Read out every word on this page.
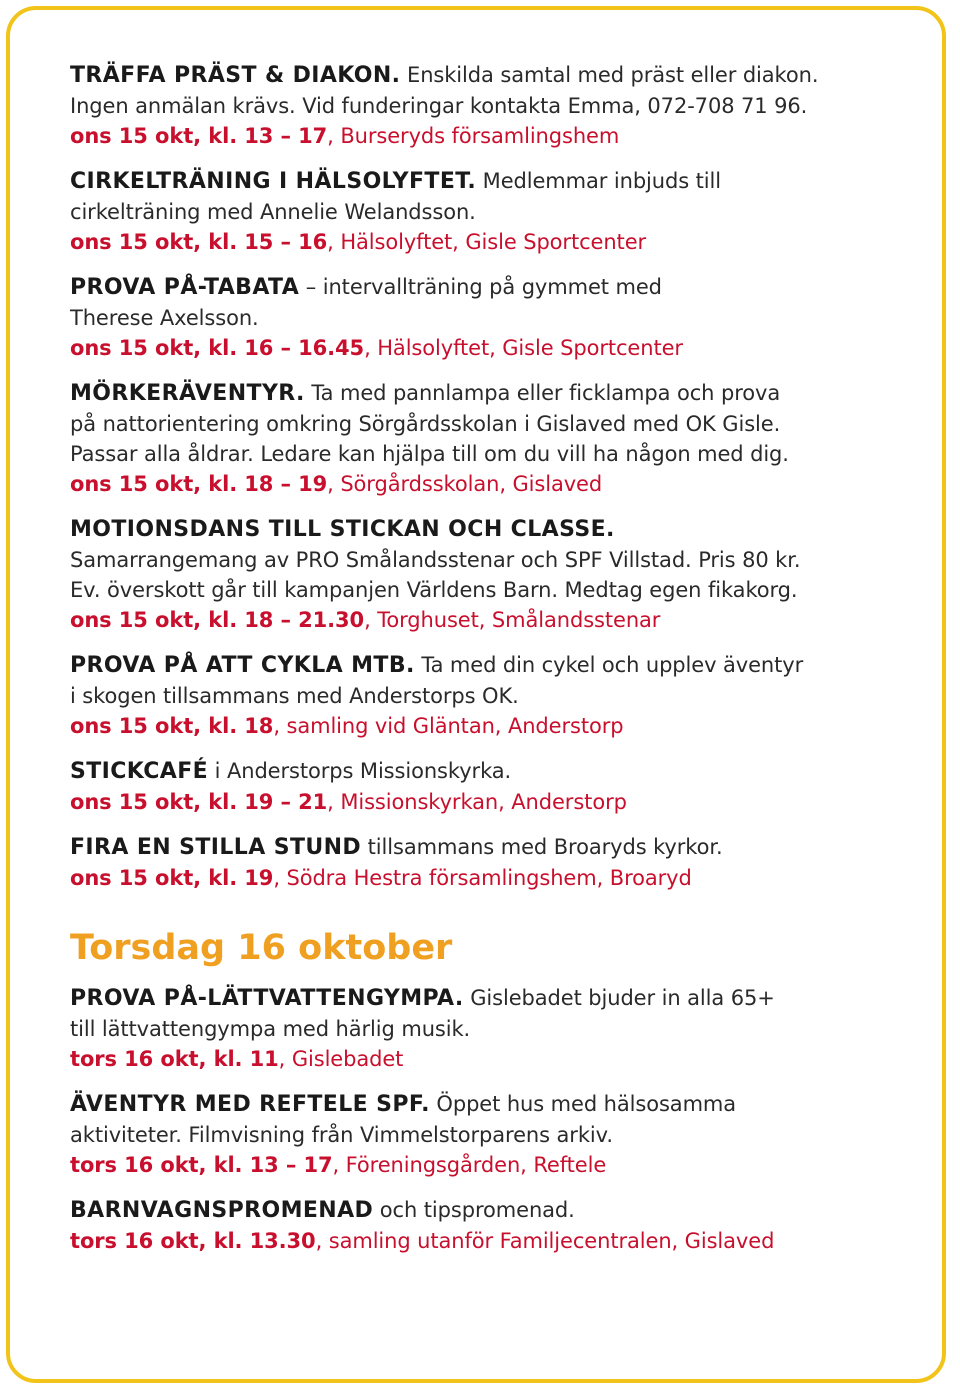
TRÄFFA PRÄST & DIAKON. Enskilda samtal med präst eller diakon.

Ingen anmälan krävs. Vid funderingar kontakta Emma, 072-708 71 96.

ons 15 okt, kl. 13 – 17, Burseryds församlingshem

CIRKELTRÄNING I HÄLSOLYFTET. Medlemmar inbjuds till

cirkelträning med Annelie Welandsson.

ons 15 okt, kl. 15 – 16, Hälsolyftet, Gisle Sportcenter

PROVA PÅ-TABATA – intervallträning på gymmet med

Therese Axelsson.

ons 15 okt, kl. 16 – 16.45, Hälsolyftet, Gisle Sportcenter

MÖRKERÄVENTYR. Ta med pannlampa eller ficklampa och prova

på nattorientering omkring Sörgårdsskolan i Gislaved med OK Gisle.

Passar alla åldrar. Ledare kan hjälpa till om du vill ha någon med dig.

ons 15 okt, kl. 18 – 19, Sörgårdsskolan, Gislaved

MOTIONSDANS TILL STICKAN OCH CLASSE.

Samarrangemang av PRO Smålandsstenar och SPF Villstad. Pris 80 kr.

Ev. överskott går till kampanjen Världens Barn. Medtag egen fikakorg.

ons 15 okt, kl. 18 – 21.30, Torghuset, Smålandsstenar

PROVA PÅ ATT CYKLA MTB. Ta med din cykel och upplev äventyr

i skogen tillsammans med Anderstorps OK.

ons 15 okt, kl. 18, samling vid Gläntan, Anderstorp

STICKCAFÉ i Anderstorps Missionskyrka.

ons 15 okt, kl. 19 – 21, Missionskyrkan, Anderstorp

FIRA EN STILLA STUND tillsammans med Broaryds kyrkor.

ons 15 okt, kl. 19, Södra Hestra församlingshem, Broaryd

Torsdag 16 oktober

PROVA PÅ-LÄTTVATTENGYMPA. Gislebadet bjuder in alla 65+

till lättvattengympa med härlig musik.

tors 16 okt, kl. 11, Gislebadet

ÄVENTYR MED REFTELE SPF. Öppet hus med hälsosamma

aktiviteter. Filmvisning från Vimmelstorparens arkiv.

tors 16 okt, kl. 13 – 17, Föreningsgården, Reftele

BARNVAGNSPROMENAD och tipspromenad.

tors 16 okt, kl. 13.30, samling utanför Familjecentralen, Gislaved
